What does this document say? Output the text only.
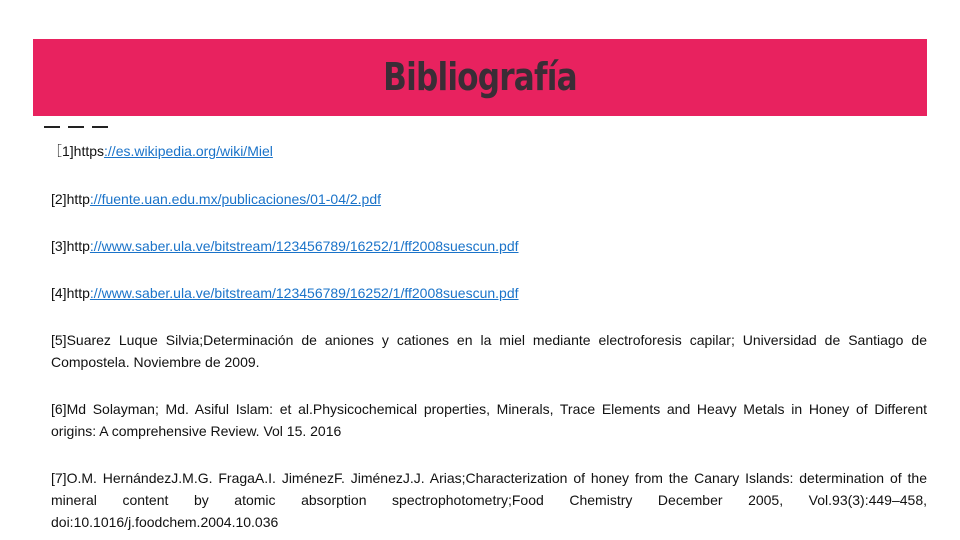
Bibliografía

［1]https://es.wikipedia.org/wiki/Miel

[2]http://fuente.uan.edu.mx/publicaciones/01-04/2.pdf

[3]http://www.saber.ula.ve/bitstream/123456789/16252/1/ff2008suescun.pdf

[4]http://www.saber.ula.ve/bitstream/123456789/16252/1/ff2008suescun.pdf

[5]Suarez Luque Silvia;Determinación de aniones y cationes en la miel mediante electroforesis capilar; Universidad de Santiago de Compostela. Noviembre de 2009.

[6]Md Solayman; Md. Asiful Islam: et al.Physicochemical properties, Minerals, Trace Elements and Heavy Metals in Honey of Different origins: A comprehensive Review. Vol 15. 2016

[7]O.M. HernándezJ.M.G. FragaA.I. JiménezF. JiménezJ.J. Arias;Characterization of honey from the Canary Islands: determination of the mineral content by atomic absorption spectrophotometry;Food Chemistry December 2005, Vol.93(3):449–458, doi:10.1016/j.foodchem.2004.10.036
